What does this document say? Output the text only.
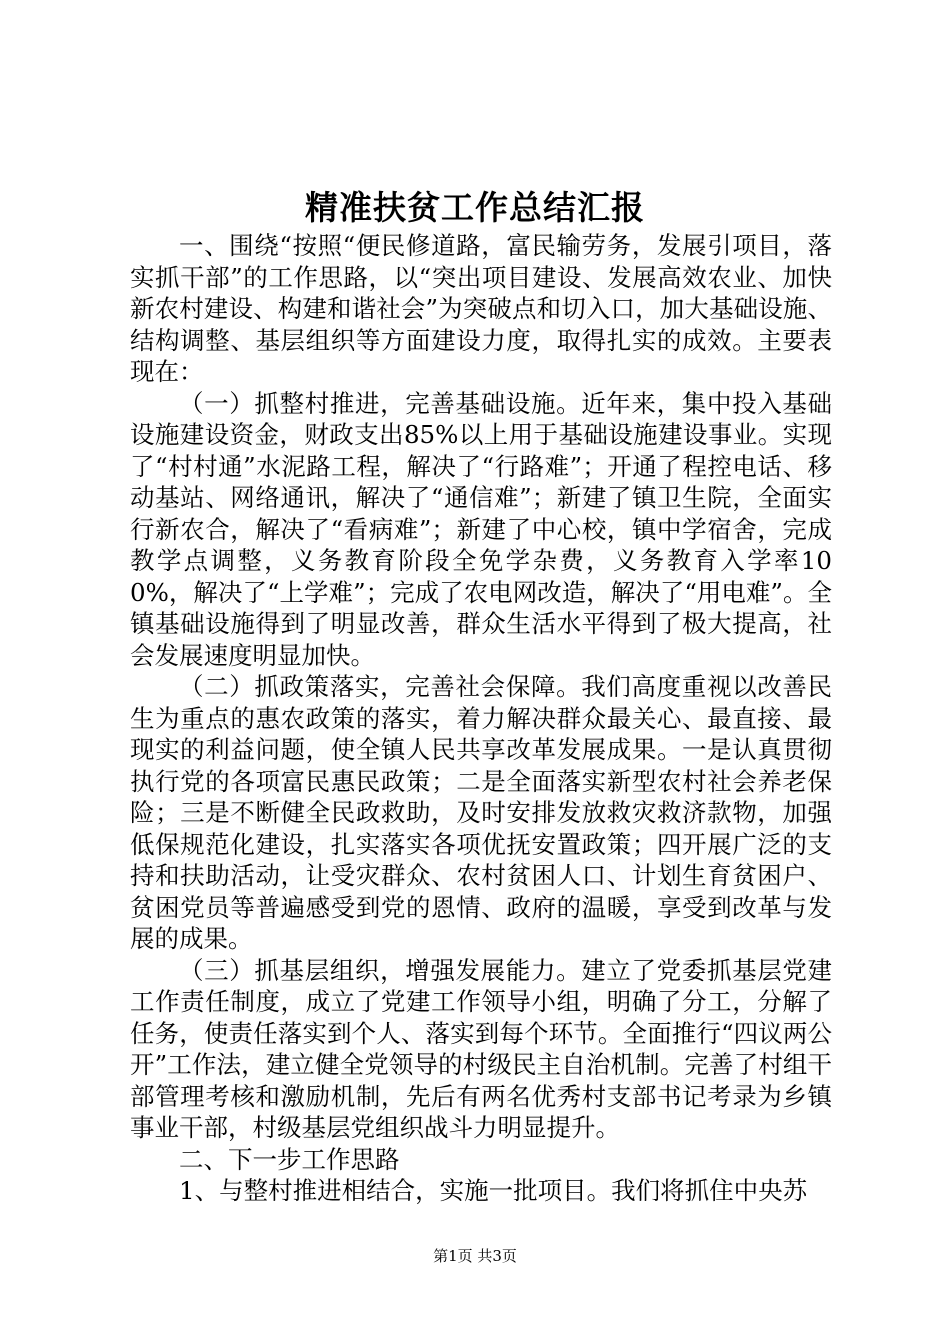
精准扶贫工作总结汇报

一、围绕“按照“便民修道路，富民输劳务，发展引项目，落实抓干部”的工作思路，以“突出项目建设、发展高效农业、加快新农村建设、构建和谐社会”为突破点和切入口，加大基础设施、结构调整、基层组织等方面建设力度，取得扎实的成效。主要表现在：

（一）抓整村推进，完善基础设施。近年来，集中投入基础设施建设资金，财政支出85%以上用于基础设施建设事业。实现了“村村通”水泥路工程，解决了“行路难”；开通了程控电话、移动基站、网络通讯，解决了“通信难”；新建了镇卫生院，全面实行新农合，解决了“看病难”；新建了中心校，镇中学宿舍，完成教学点调整，义务教育阶段全免学杂费，义务教育入学率100%，解决了“上学难”；完成了农电网改造，解决了“用电难”。全镇基础设施得到了明显改善，群众生活水平得到了极大提高，社会发展速度明显加快。

（二）抓政策落实，完善社会保障。我们高度重视以改善民生为重点的惠农政策的落实，着力解决群众最关心、最直接、最现实的利益问题，使全镇人民共享改革发展成果。一是认真贯彻执行党的各项富民惠民政策；二是全面落实新型农村社会养老保险；三是不断健全民政救助，及时安排发放救灾救济款物，加强低保规范化建设，扎实落实各项优抚安置政策；四开展广泛的支持和扶助活动，让受灾群众、农村贫困人口、计划生育贫困户、贫困党员等普遍感受到党的恩情、政府的温暖，享受到改革与发展的成果。

（三）抓基层组织，增强发展能力。建立了党委抓基层党建工作责任制度，成立了党建工作领导小组，明确了分工，分解了任务，使责任落实到个人、落实到每个环节。全面推行“四议两公开”工作法，建立健全党领导的村级民主自治机制。完善了村组干部管理考核和激励机制，先后有两名优秀村支部书记考录为乡镇事业干部，村级基层党组织战斗力明显提升。

二、下一步工作思路

1、与整村推进相结合，实施一批项目。我们将抓住中央苏

第1页 共3页
